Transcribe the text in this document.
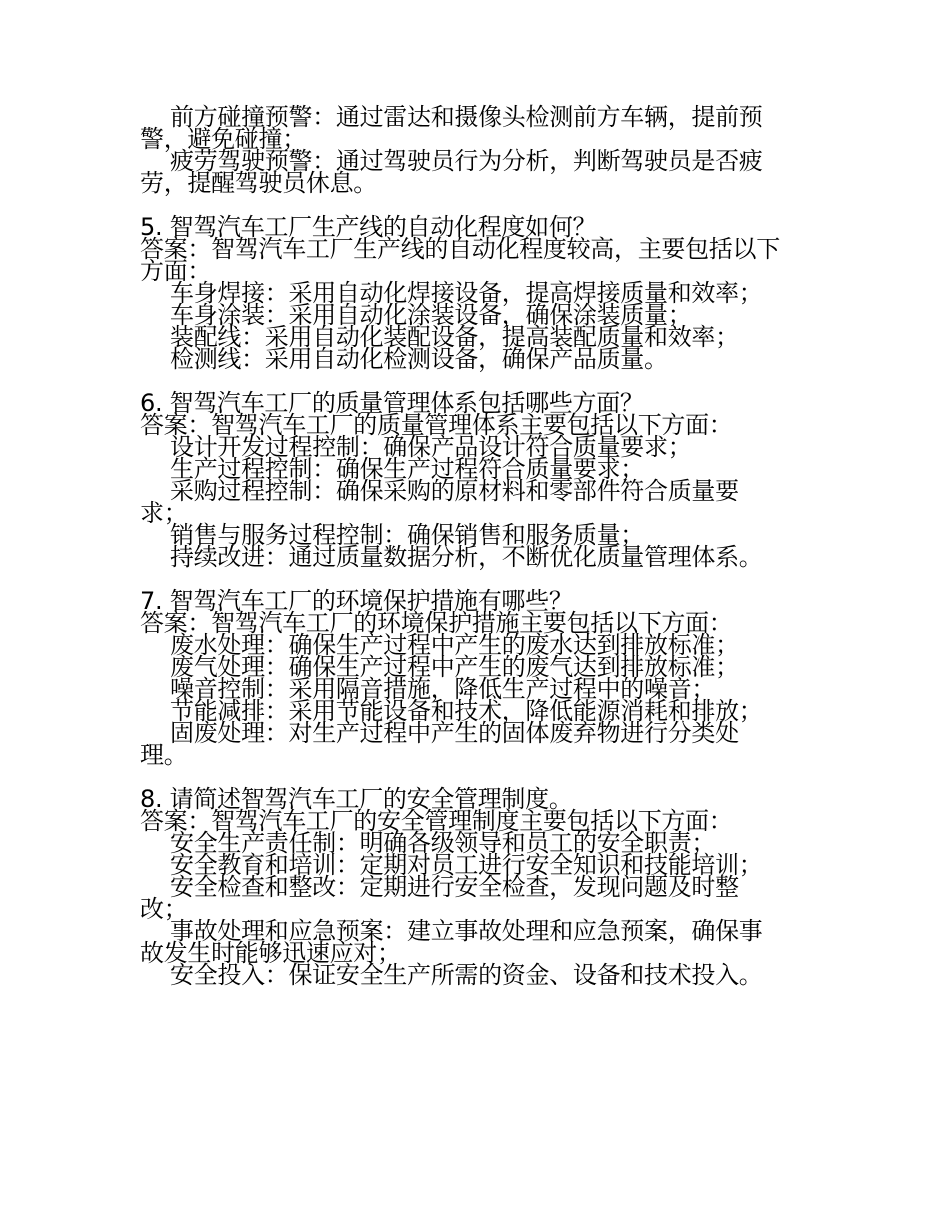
前方碰撞预警：通过雷达和摄像头检测前方车辆，提前预
警，避免碰撞；
疲劳驾驶预警：通过驾驶员行为分析，判断驾驶员是否疲
劳，提醒驾驶员休息。
5. 智驾汽车工厂生产线的自动化程度如何？
答案：智驾汽车工厂生产线的自动化程度较高，主要包括以下
方面：
车身焊接：采用自动化焊接设备，提高焊接质量和效率；
车身涂装：采用自动化涂装设备，确保涂装质量；
装配线：采用自动化装配设备，提高装配质量和效率；
检测线：采用自动化检测设备，确保产品质量。
6. 智驾汽车工厂的质量管理体系包括哪些方面？
答案：智驾汽车工厂的质量管理体系主要包括以下方面：
设计开发过程控制：确保产品设计符合质量要求；
生产过程控制：确保生产过程符合质量要求；
采购过程控制：确保采购的原材料和零部件符合质量要
求；
销售与服务过程控制：确保销售和服务质量；
持续改进：通过质量数据分析，不断优化质量管理体系。
7. 智驾汽车工厂的环境保护措施有哪些？
答案：智驾汽车工厂的环境保护措施主要包括以下方面：
废水处理：确保生产过程中产生的废水达到排放标准；
废气处理：确保生产过程中产生的废气达到排放标准；
噪音控制：采用隔音措施，降低生产过程中的噪音；
节能减排：采用节能设备和技术，降低能源消耗和排放；
固废处理：对生产过程中产生的固体废弃物进行分类处
理。
8. 请简述智驾汽车工厂的安全管理制度。
答案：智驾汽车工厂的安全管理制度主要包括以下方面：
安全生产责任制：明确各级领导和员工的安全职责；
安全教育和培训：定期对员工进行安全知识和技能培训；
安全检查和整改：定期进行安全检查，发现问题及时整
改；
事故处理和应急预案：建立事故处理和应急预案，确保事
故发生时能够迅速应对；
安全投入：保证安全生产所需的资金、设备和技术投入。
